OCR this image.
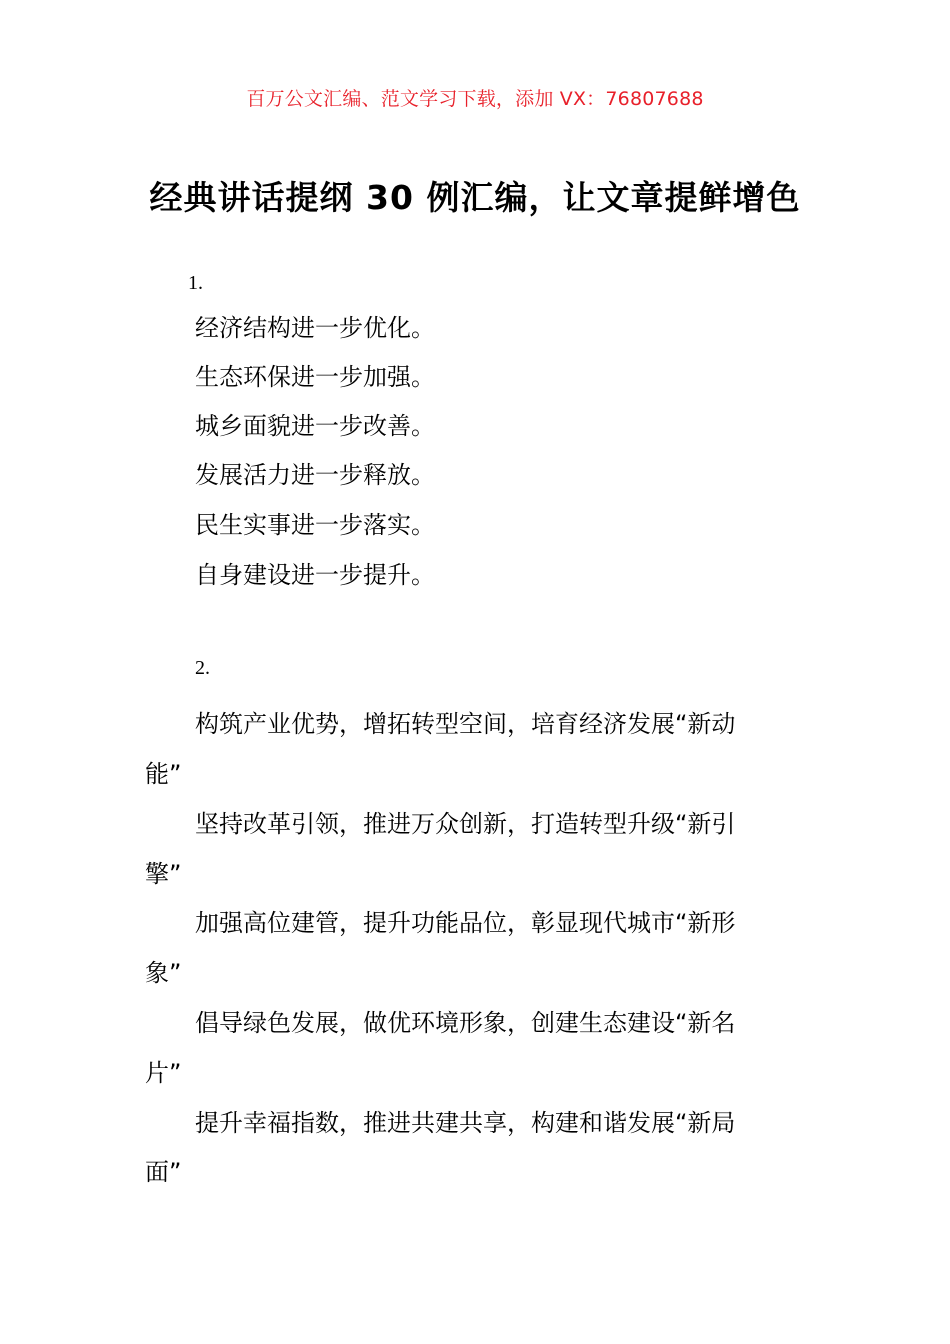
百万公文汇编、范文学习下载，添加 VX：76807688
经典讲话提纲 30 例汇编，让文章提鲜增色
1.
经济结构进一步优化。
生态环保进一步加强。
城乡面貌进一步改善。
发展活力进一步释放。
民生实事进一步落实。
自身建设进一步提升。
2.
构筑产业优势，增拓转型空间，培育经济发展“新动
能”
坚持改革引领，推进万众创新，打造转型升级“新引
擎”
加强高位建管，提升功能品位，彰显现代城市“新形
象”
倡导绿色发展，做优环境形象，创建生态建设“新名
片”
提升幸福指数，推进共建共享，构建和谐发展“新局
面”
